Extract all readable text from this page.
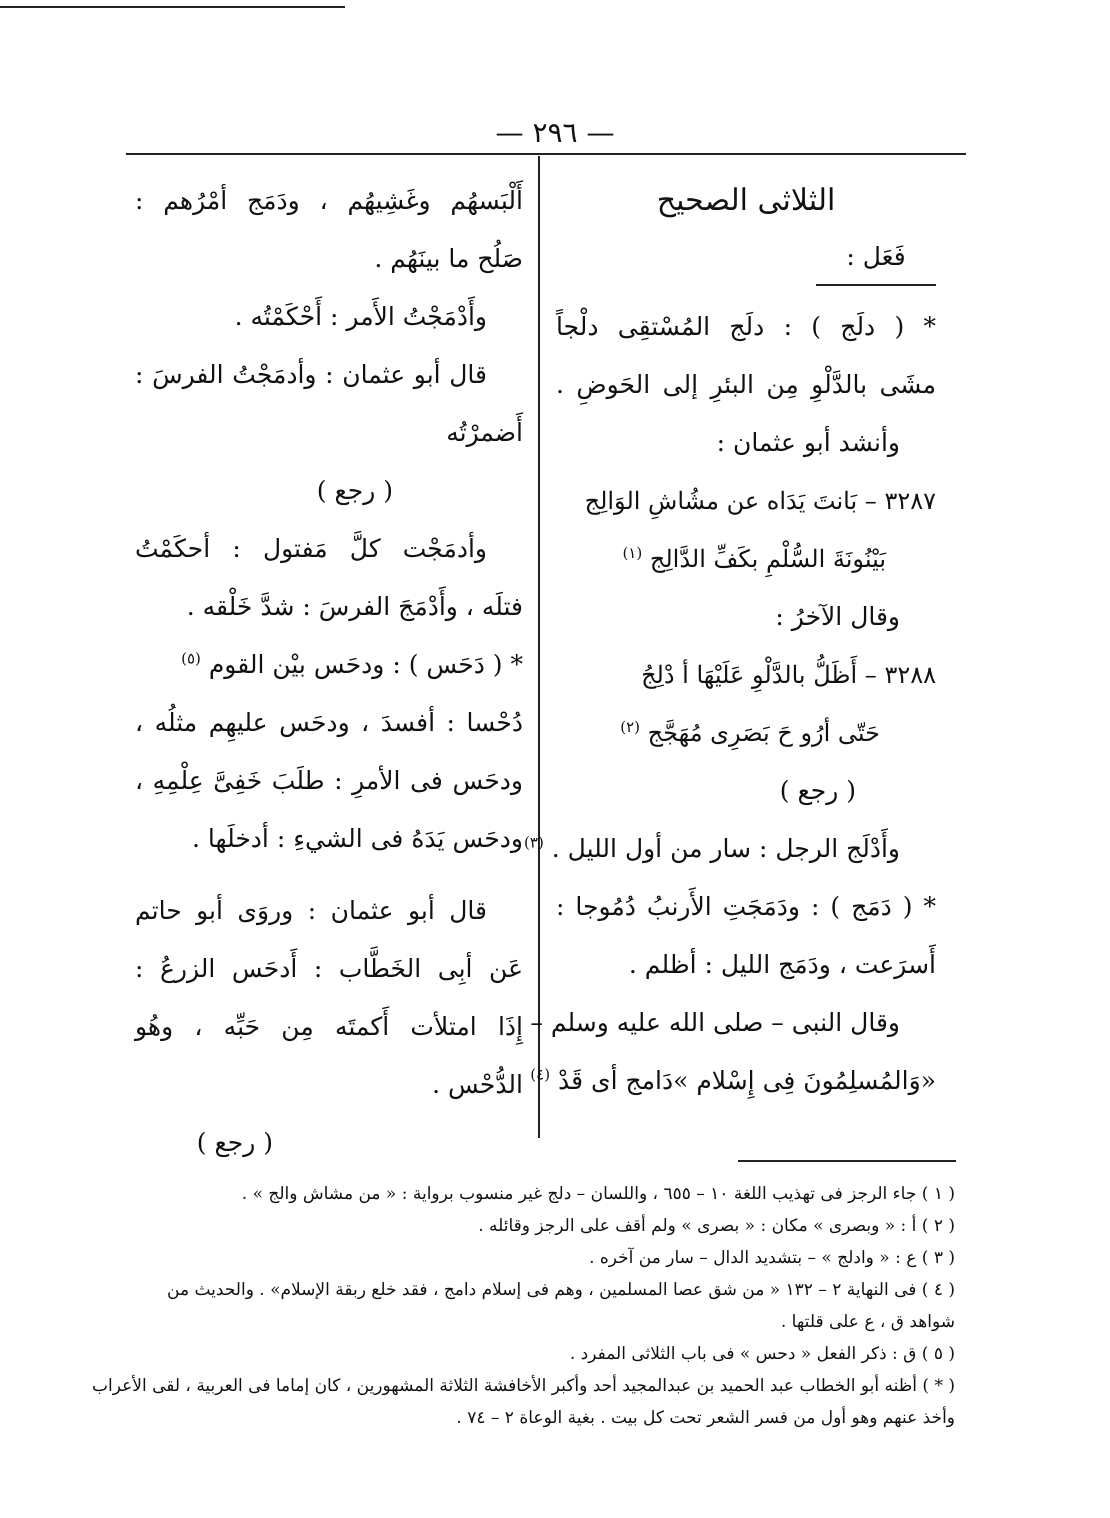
— ٢٩٦ —
الثلاثى الصحيح
فَعَل :
* ( دلَج ) : دلَج المُسْتقِى دلْجاً
مشَى بالدَّلْوِ مِن البئرِ إلى الحَوضِ .
وأنشد أبو عثمان :
٣٢٨٧ – بَانتَ يَدَاه عن مشُاشِ الوَالِج
بَيْنُونَةَ السُّلْمِ بكَفِّ الدَّالِج $^{(١)}$
وقال الآخرُ :
٣٢٨٨ – أَظَلُّ بالدَّلْوِ عَلَيْهَا أ دْلِجُ
حَتّى أرُو حَ بَصَرِى مُهَجَّج $^{(٢)}$
( رجع )
وأَدْلَج الرجل : سار من أول الليل . $^{(٣)}$
* ( دَمَج ) : ودَمَجَتِ الأَرنبُ دُمُوجا :
أَسرَعت ، ودَمَج الليل : أظلم .
وقال النبى – صلى الله عليه وسلم –
«وَالمُسلِمُونَ فِى إِسْلام »دَامج أى قَدْ $^{(٤)}$
أَلْبَسهُم وغَشِيهُم ، ودَمَج أمْرُهم :
صَلُح ما بينَهُم .
وأَدْمَجْتُ الأَمر : أَحْكَمْتُه .
قال أبو عثمان : وأدمَجْتُ الفرسَ :
أَضمرْتُه
( رجع )
وأدمَجْت كلَّ مَفتول : أحكَمْتُ
فتلَه ، وأَدْمَجَ الفرسَ : شدَّ خَلْقه .
* ( دَحَس ) : ودحَس بيْن القوم $^{(٥)}$
دُحْسا : أفسدَ ، ودحَس عليهِم مثلُه ،
ودحَس فى الأمرِ : طلَبَ خَفِىَّ عِلْمِهِ ،
ودحَس يَدَهُ فى الشيءِ : أدخلَها .
قال أبو عثمان : وروَى أبو حاتم
عَن أبِى الخَطَّاب : أَدحَس الزرعُ :
إِذَا امتلأت أَكمتَه مِن حَبِّه ، وهُو
الدُّحْس .
( رجع )
( ١ ) جاء الرجز فى تهذيب اللغة ١٠ – ٦٥٥ ، واللسان – دلج غير منسوب برواية : « من مشاش والج » .
( ٢ ) أ : « وبصرى » مكان : « بصرى » ولم أقف على الرجز وقائله .
( ٣ ) ع : « وادلج » – بتشديد الدال – سار من آخره .
( ٤ ) فى النهاية ٢ – ١٣٢ « من شق عصا المسلمين ، وهم فى إسلام دامج ، فقد خلع ربقة الإسلام» . والحديث من
شواهد ق ، ع على قلتها .
( ٥ ) ق : ذكر الفعل « دحس » فى باب الثلاثى المفرد .
( * ) أظنه أبو الخطاب عبد الحميد بن عبدالمجيد أحد وأكبر الأخافشة الثلاثة المشهورين ، كان إماما فى العربية ، لقى الأعراب
وأخذ عنهم وهو أول من فسر الشعر تحت كل بيت . بغية الوعاة ٢ – ٧٤ .
